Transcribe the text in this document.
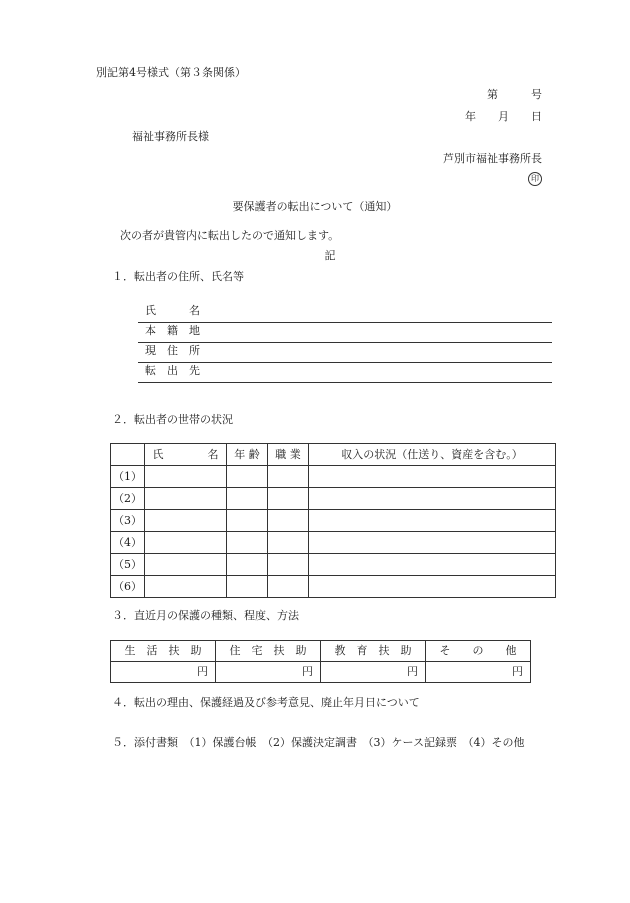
別記第4号様式（第３条関係）
第　　　号
年　　月　　日
福祉事務所長様
芦別市福祉事務所長
印
要保護者の転出について（通知）
次の者が貴管内に転出したので通知します。
記
１．転出者の住所、氏名等
氏　　　名
本　籍　地
現　住　所
転　出　先
２．転出者の世帯の状況
	氏　　　　名	年 齢	職 業	収入の状況（仕送り、資産を含む。）
（1）				
（2）				
（3）				
（4）				
（5）				
（6）				
３．直近月の保護の種類、程度、方法
生　活　扶　助	住　宅　扶　助	教　育　扶　助	そ　　の　　他
円	円	円	円
４．転出の理由、保護経過及び参考意見、廃止年月日について
５．添付書類　（1）保護台帳　（2）保護決定調書　（3）ケース記録票　（4）その他
